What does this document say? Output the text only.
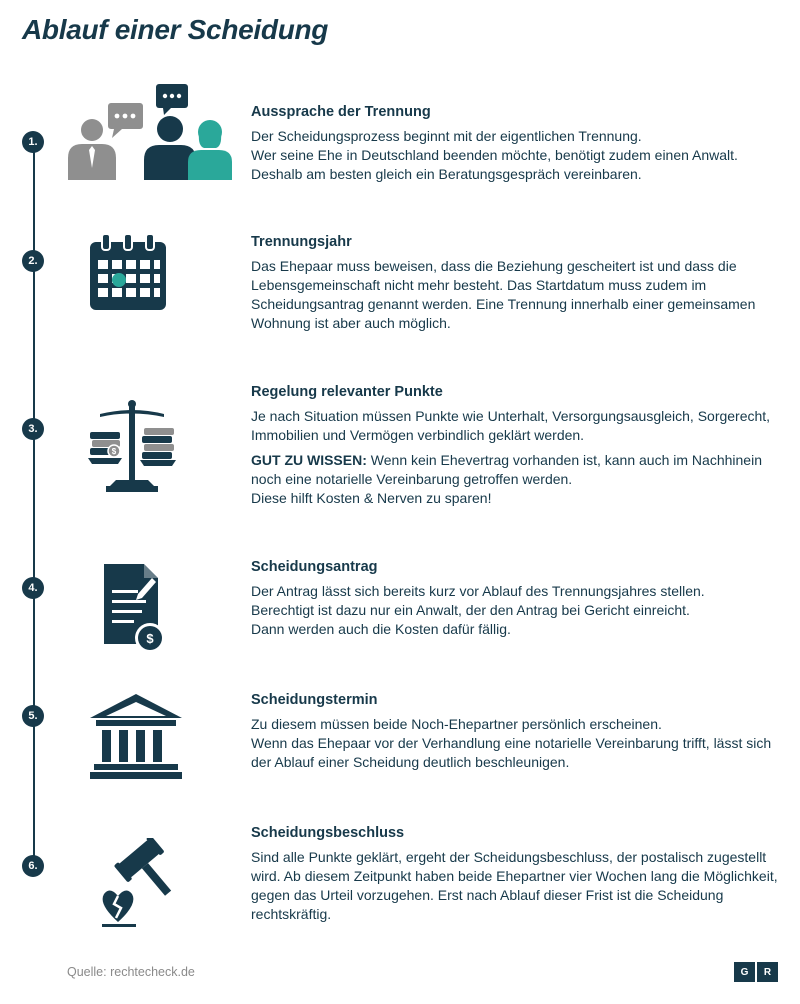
Ablauf einer Scheidung
1.
Aussprache der Trennung

Der Scheidungsprozess beginnt mit der eigentlichen Trennung.
Wer seine Ehe in Deutschland beenden möchte, benötigt zudem einen Anwalt.
Deshalb am besten gleich ein Beratungsgespräch vereinbaren.

2.
Trennungsjahr

Das Ehepaar muss beweisen, dass die Beziehung gescheitert ist und dass die Lebensgemeinschaft nicht mehr besteht. Das Startdatum muss zudem im Scheidungsantrag genannt werden. Eine Trennung innerhalb einer gemeinsamen Wohnung ist aber auch möglich.

3.
$
Regelung relevanter Punkte

Je nach Situation müssen Punkte wie Unterhalt, Versorgungsausgleich, Sorgerecht, Immobilien und Vermögen verbindlich geklärt werden.

GUT ZU WISSEN: Wenn kein Ehevertrag vorhanden ist, kann auch im Nachhinein noch eine notarielle Vereinbarung getroffen werden.
Diese hilft Kosten & Nerven zu sparen!

4.
$
Scheidungsantrag

Der Antrag lässt sich bereits kurz vor Ablauf des Trennungsjahres stellen.
Berechtigt ist dazu nur ein Anwalt, der den Antrag bei Gericht einreicht.
Dann werden auch die Kosten dafür fällig.

5.
Scheidungstermin

Zu diesem müssen beide Noch-Ehepartner persönlich erscheinen.
Wenn das Ehepaar vor der Verhandlung eine notarielle Vereinbarung trifft, lässt sich der Ablauf einer Scheidung deutlich beschleunigen.

6.
Scheidungsbeschluss

Sind alle Punkte geklärt, ergeht der Scheidungsbeschluss, der postalisch zugestellt wird. Ab diesem Zeitpunkt haben beide Ehepartner vier Wochen lang die Möglichkeit, gegen das Urteil vorzugehen. Erst nach Ablauf dieser Frist ist die Scheidung rechtskräftig.

Quelle: rechtecheck.de	G	R
